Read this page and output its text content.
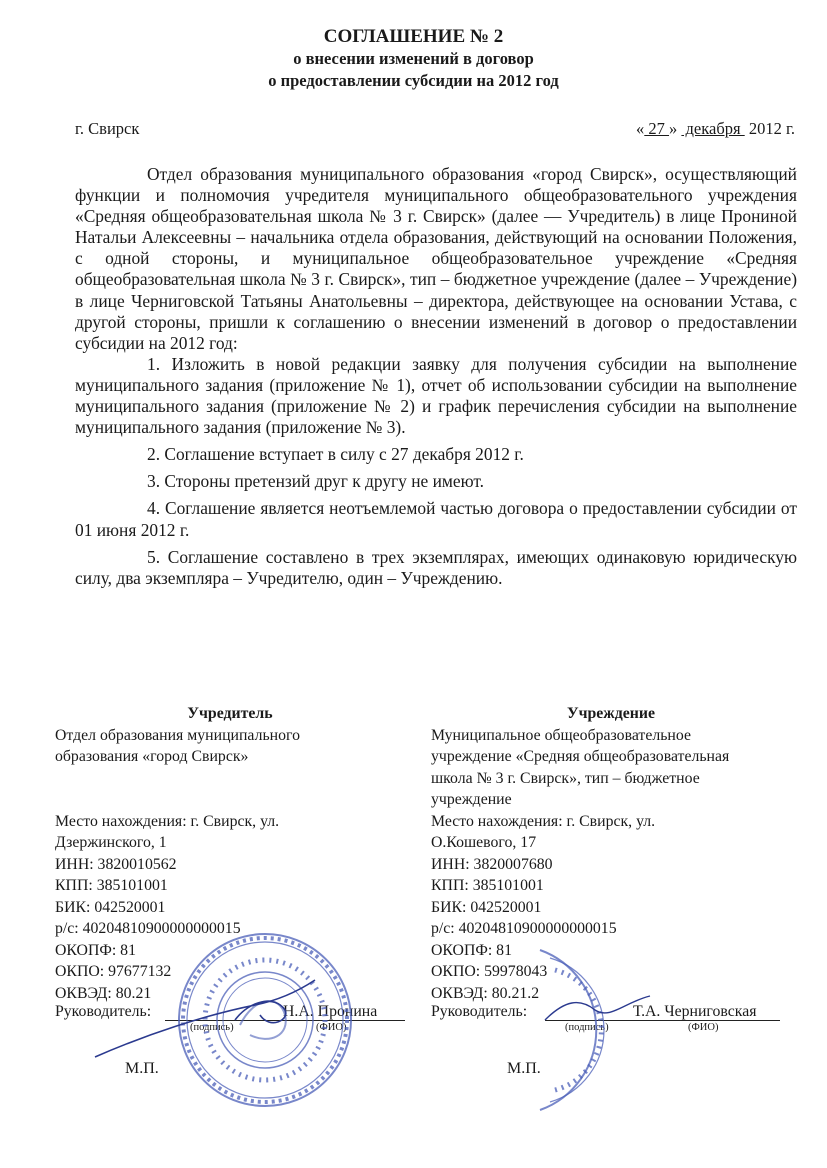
СОГЛАШЕНИЕ № 2
о внесении изменений в договор
о предоставлении субсидии на 2012 год
г. Свирск	« 27 »  декабря  2012 г.

Отдел образования муниципального образования «город Свирск», осуществляющий функции и полномочия учредителя муниципального общеобразовательного учреждения «Средняя общеобразовательная школа № 3 г. Свирск» (далее — Учредитель) в лице Прониной Натальи Алексеевны – начальника отдела образования, действующий на основании Положения, с одной стороны, и муниципальное общеобразовательное учреждение «Средняя общеобразовательная школа № 3 г. Свирск», тип – бюджетное учреждение (далее – Учреждение) в лице Черниговской Татьяны Анатольевны – директора, действующее на основании Устава, с другой стороны, пришли к соглашению о внесении изменений в договор о предоставлении субсидии на 2012 год:

1. Изложить в новой редакции заявку для получения субсидии на выполнение муниципального задания (приложение № 1), отчет об использовании субсидии на выполнение муниципального задания (приложение № 2) и график перечисления субсидии на выполнение муниципального задания (приложение № 3).

2. Соглашение вступает в силу с 27 декабря 2012 г.

3. Стороны претензий друг к другу не имеют.

4. Соглашение является неотъемлемой частью договора о предоставлении субсидии от 01 июня 2012 г.

5. Соглашение составлено в трех экземплярах, имеющих одинаковую юридическую силу, два экземпляра – Учредителю, один – Учреждению.

Учредитель
Отдел образования муниципального
образования «город Свирск»
Место нахождения: г. Свирск, ул.
Дзержинского, 1
ИНН: 3820010562
КПП: 385101001
БИК: 042520001
р/с: 40204810900000000015
ОКОПФ: 81
ОКПО: 97677132
ОКВЭД: 80.21
Учреждение
Муниципальное общеобразовательное
учреждение «Средняя общеобразовательная
школа № 3 г. Свирск», тип – бюджетное
учреждение
Место нахождения: г. Свирск, ул.
О.Кошевого, 17
ИНН: 3820007680
КПП: 385101001
БИК: 042520001
р/с: 40204810900000000015
ОКОПФ: 81
ОКПО: 59978043
ОКВЭД: 80.21.2
Руководитель:	Н.А. Пронина
(подпись)	(ФИО)
М.П.
Руководитель:	Т.А. Черниговская
(подпись)	(ФИО)
М.П.
